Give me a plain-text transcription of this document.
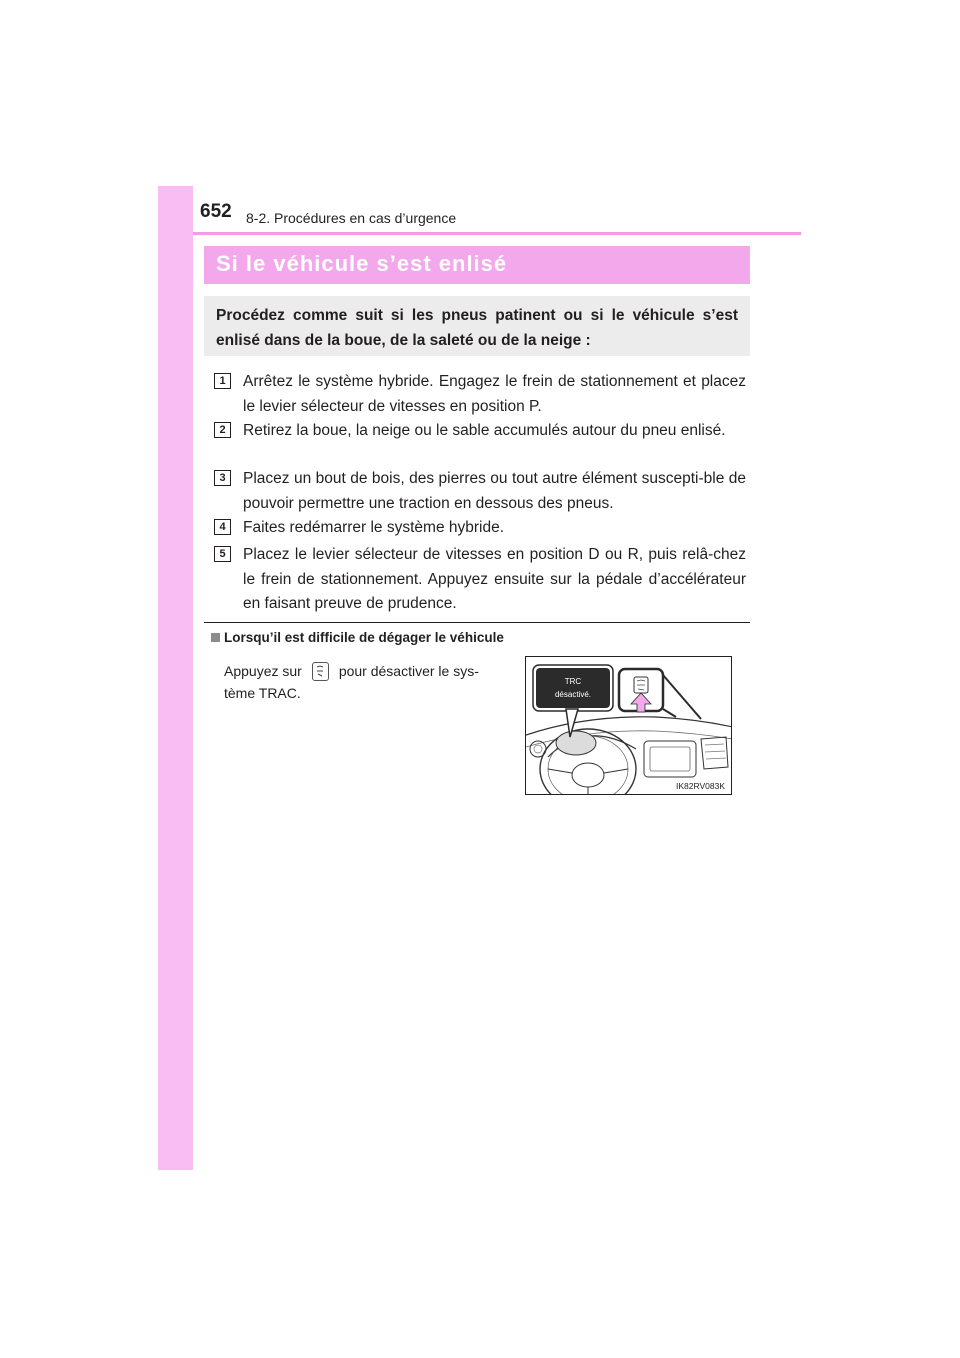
652 8-2. Procédures en cas d’urgence
Si le véhicule s’est enlisé
Procédez comme suit si les pneus patinent ou si le véhicule s’est enlisé dans de la boue, de la saleté ou de la neige :
1	Arrêtez le système hybride. Engagez le frein de stationnement et placez le levier sélecteur de vitesses en position P.
2	Retirez la boue, la neige ou le sable accumulés autour du pneu enlisé.
3	Placez un bout de bois, des pierres ou tout autre élément suscepti-ble de pouvoir permettre une traction en dessous des pneus.
4	Faites redémarrer le système hybride.
5	Placez le levier sélecteur de vitesses en position D ou R, puis relâ-chez le frein de stationnement. Appuyez ensuite sur la pédale d’accélérateur en faisant preuve de prudence.
Lorsqu’il est difficile de dégager le véhicule
Appuyez sur	pour désactiver le sys-tème TRAC.
TRC
désactivé.
IK82RV083K
